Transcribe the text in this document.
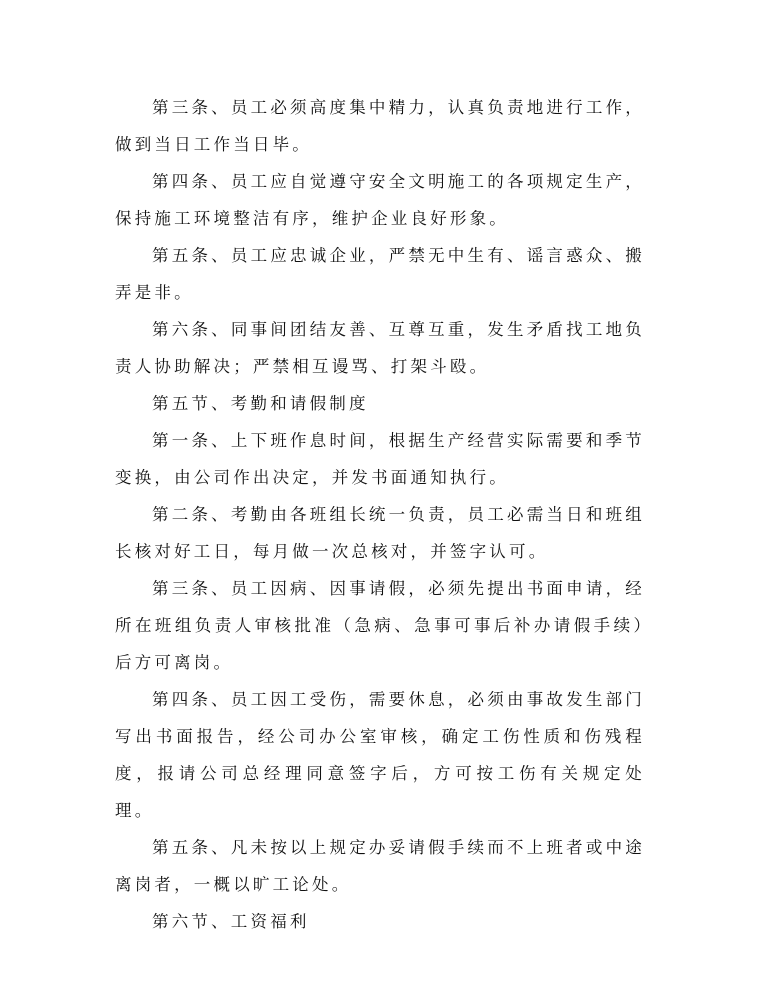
第三条、员工必须高度集中精力，认真负责地进行工作，做到当日工作当日毕。

第四条、员工应自觉遵守安全文明施工的各项规定生产，保持施工环境整洁有序，维护企业良好形象。

第五条、员工应忠诚企业，严禁无中生有、谣言惑众、搬弄是非。

第六条、同事间团结友善、互尊互重，发生矛盾找工地负责人协助解决；严禁相互谩骂、打架斗殴。

第五节、考勤和请假制度

第一条、上下班作息时间，根据生产经营实际需要和季节变换，由公司作出决定，并发书面通知执行。

第二条、考勤由各班组长统一负责，员工必需当日和班组长核对好工日，每月做一次总核对，并签字认可。

第三条、员工因病、因事请假，必须先提出书面申请，经所在班组负责人审核批准（急病、急事可事后补办请假手续）后方可离岗。

第四条、员工因工受伤，需要休息，必须由事故发生部门写出书面报告，经公司办公室审核，确定工伤性质和伤残程度，报请公司总经理同意签字后，方可按工伤有关规定处理。

第五条、凡未按以上规定办妥请假手续而不上班者或中途离岗者，一概以旷工论处。

第六节、工资福利
